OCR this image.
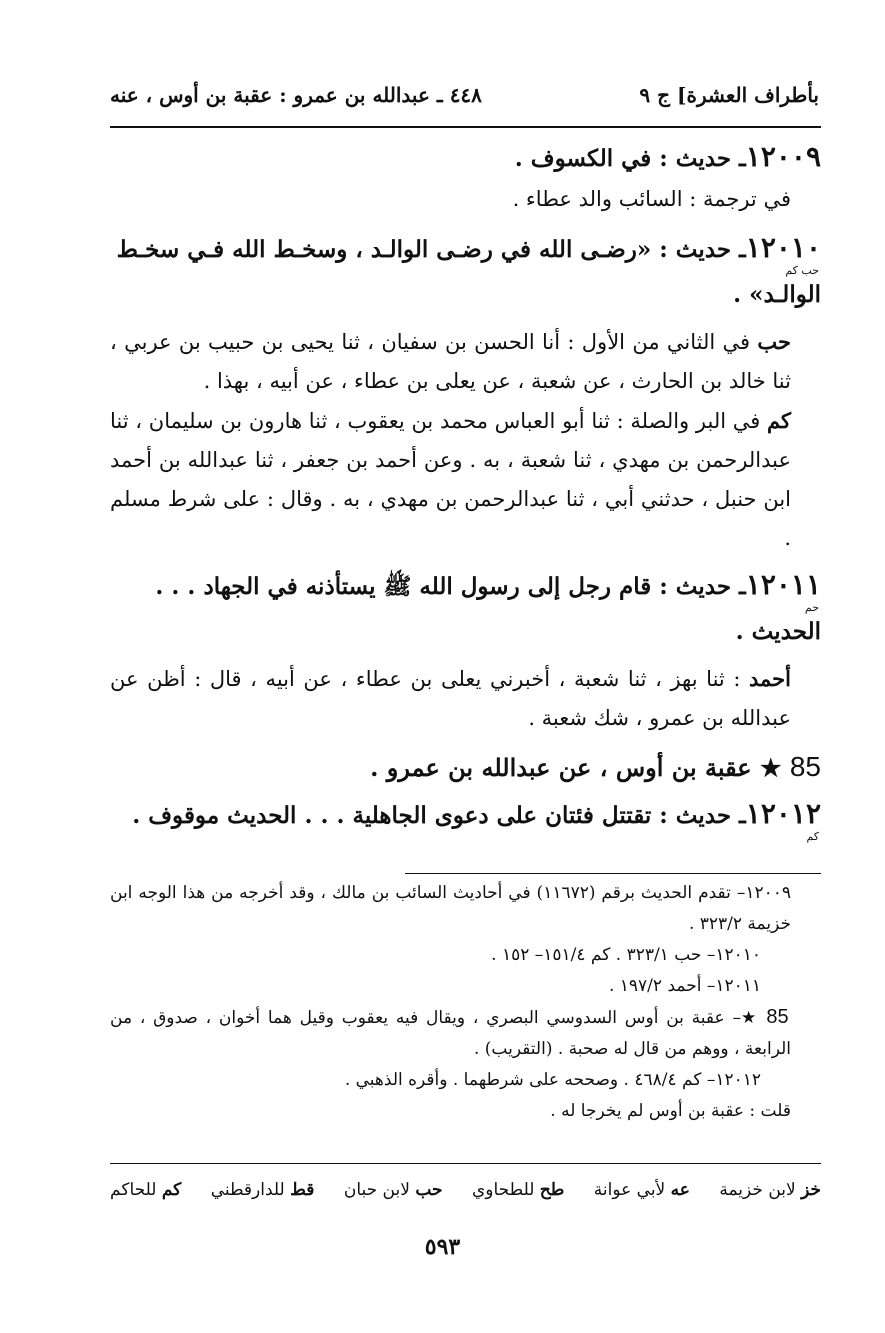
بأطراف العشرة] ج ٩
٤٤٨ ـ عبدالله بن عمرو : عقبة بن أوس ، عنه

١٢٠٠٩ـ حديث : في الكسوف .

في ترجمة : السائب والد عطاء .

١٢٠١٠ـ حديث : «رضـى الله في رضـى الوالـد ، وسخـط الله فـي سخـط

حب كم

الوالـد» .

حب في الثاني من الأول : أنا الحسن بن سفيان ، ثنا يحيى بن حبيب بن عربي ، ثنا خالد بن الحارث ، عن شعبة ، عن يعلى بن عطاء ، عن أبيه ، بهذا .

كم في البر والصلة : ثنا أبو العباس محمد بن يعقوب ، ثنا هارون بن سليمان ، ثنا عبدالرحمن بن مهدي ، ثنا شعبة ، به . وعن أحمد بن جعفر ، ثنا عبدالله بن أحمد ابن حنبل ، حدثني أبي ، ثنا عبدالرحمن بن مهدي ، به . وقال : على شرط مسلم .

١٢٠١١ـ حديث : قام رجل إلى رسول الله ﷺ يستأذنه في الجهاد . . .

حم

الحديث .

أحمد : ثنا بهز ، ثنا شعبة ، أخبرني يعلى بن عطاء ، عن أبيه ، قال : أظن عن عبدالله بن عمرو ، شك شعبة .

85 ★ عقبة بن أوس ، عن عبدالله بن عمرو .

١٢٠١٢ـ حديث : تقتتل فئتان على دعوى الجاهلية . . . الحديث موقوف .

كم

١٢٠٠٩– تقدم الحديث برقم (١١٦٧٢) في أحاديث السائب بن مالك ، وقد أخرجه من هذا الوجه ابن خزيمة ٣٢٣/٢ .

١٢٠١٠– حب ٣٢٣/١ . كم ١٥١/٤– ١٥٢ .

١٢٠١١– أحمد ١٩٧/٢ .

85 ★– عقبة بن أوس السدوسي البصري ، ويقال فيه يعقوب وقيل هما أخوان ، صدوق ، من الرابعة ، ووهم من قال له صحبة . (التقريب) .

١٢٠١٢– كم ٤٦٨/٤ . وصححه على شرطهما . وأقره الذهبي .

قلت : عقبة بن أوس لم يخرجا له .

خز لابن خزيمة
عه لأبي عوانة
طح للطحاوي
حب لابن حبان
قط للدارقطني
كم للحاكم
٥٩٣
